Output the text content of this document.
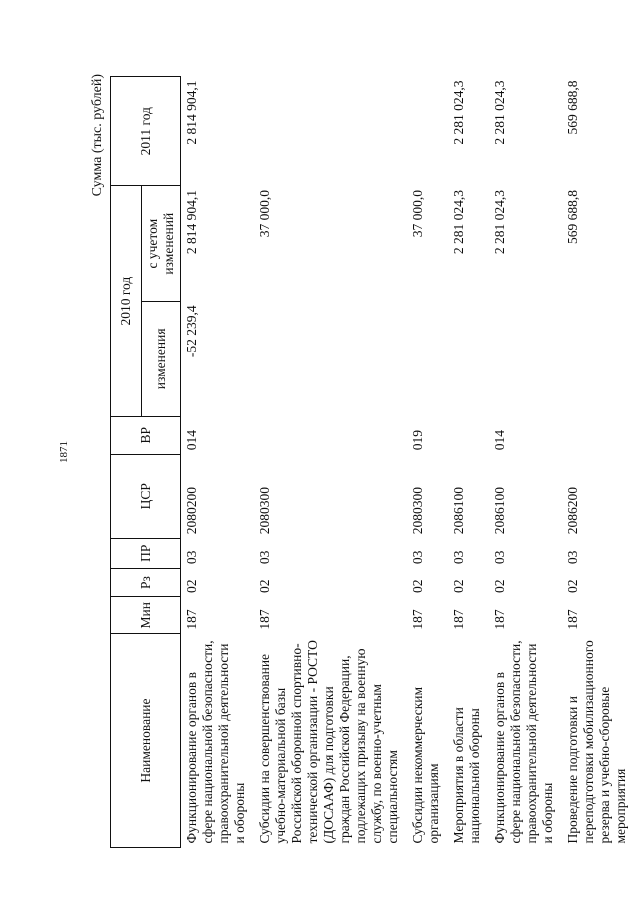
1871
Сумма (тыс. рублей)
Наименование	Мин	Рз	ПР	ЦСР	ВР	2010 год		2011 год
						изменения	с учетом изменений	
Функционирование органов в сфере национальной безопасности, правоохранительной деятельности и обороны	187	02	03	2080200	014	-52 239,4	2 814 904,1	2 814 904,1
Субсидии на совершенствование учебно-материальной базы Российской оборонной спортивно-технической организации - РОСТО (ДОСААФ) для подготовки граждан Российской Федерации, подлежащих призыву на военную службу, по военно-учетным специальностям	187	02	03	2080300			37 000,0	
Субсидии некоммерческим организациям	187	02	03	2080300	019		37 000,0	
Мероприятия в области национальной обороны	187	02	03	2086100			2 281 024,3	2 281 024,3
Функционирование органов в сфере национальной безопасности, правоохранительной деятельности и обороны	187	02	03	2086100	014		2 281 024,3	2 281 024,3
Проведение подготовки и переподготовки мобилизационного резерва и учебно-сборовые мероприятия	187	02	03	2086200			569 688,8	569 688,8
